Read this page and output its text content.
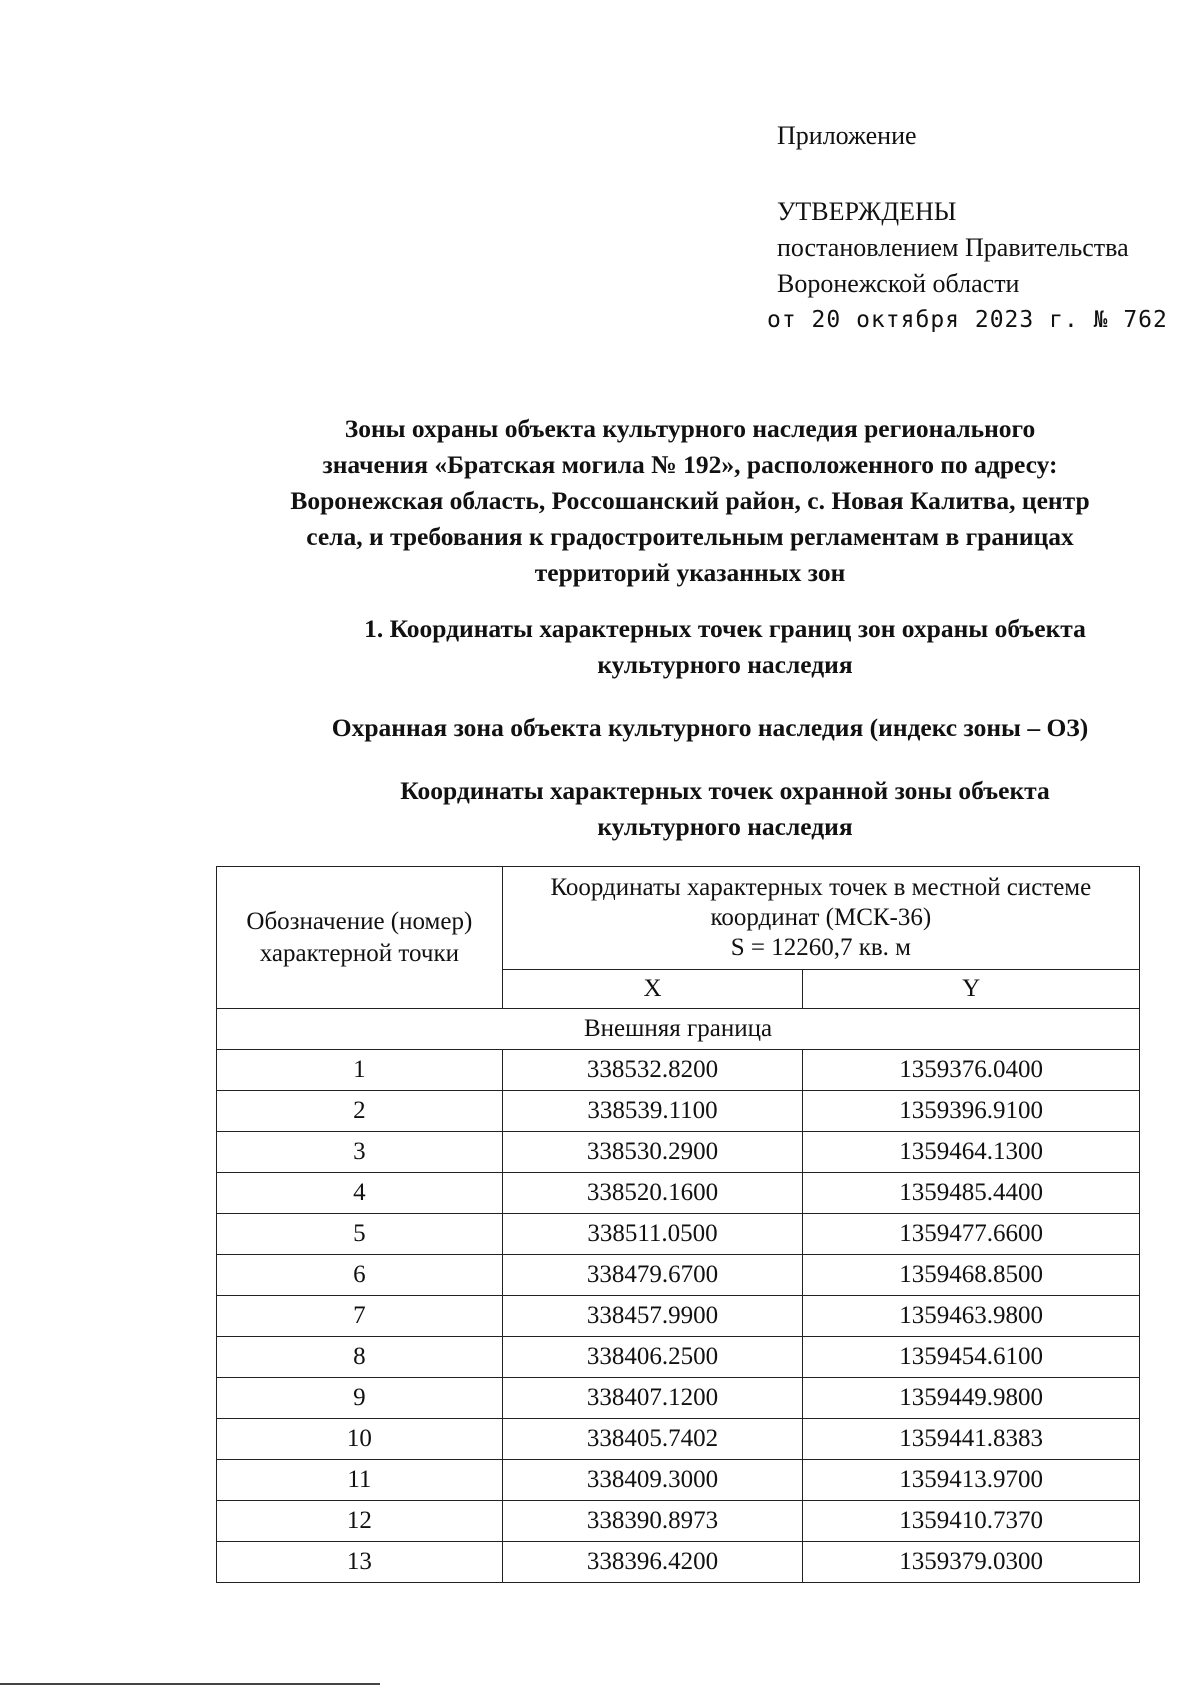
Приложение
УТВЕРЖДЕНЫ
постановлением Правительства
Воронежской области
от 20 октября 2023 г. № 762
Зоны охраны объекта культурного наследия регионального
значения «Братская могила № 192», расположенного по адресу:
Воронежская область, Россошанский район, с. Новая Калитва, центр
села, и требования к градостроительным регламентам в границах
территорий указанных зон
1. Координаты характерных точек границ зон охраны объекта
культурного наследия
Охранная зона объекта культурного наследия (индекс зоны – ОЗ)
Координаты характерных точек охранной зоны объекта
культурного наследия
Обозначение (номер) характерной точки	Координаты характерных точек в местной системе
координат (МСК-36)
S = 12260,7 кв. м	

	X	Y
Внешняя граница		
1	338532.8200	1359376.0400
2	338539.1100	1359396.9100
3	338530.2900	1359464.1300
4	338520.1600	1359485.4400
5	338511.0500	1359477.6600
6	338479.6700	1359468.8500
7	338457.9900	1359463.9800
8	338406.2500	1359454.6100
9	338407.1200	1359449.9800
10	338405.7402	1359441.8383
11	338409.3000	1359413.9700
12	338390.8973	1359410.7370
13	338396.4200	1359379.0300
